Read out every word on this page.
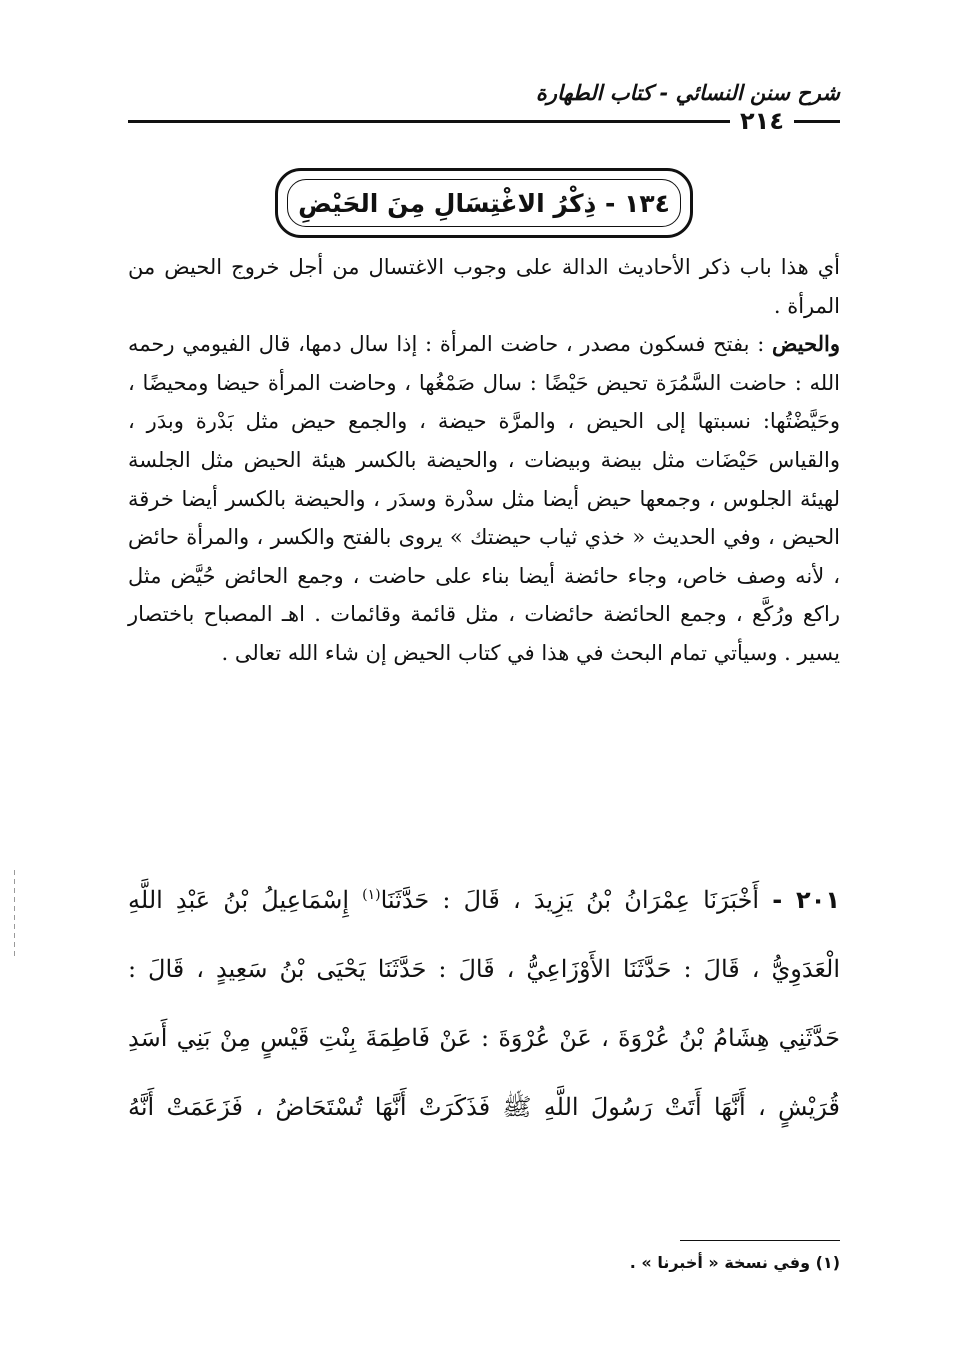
شرح سنن النسائي - كتاب الطهارة
٢١٤
١٣٤ - ذِكْرُ الاغْتِسَالِ مِنَ الحَيْضِ

أي هذا باب ذكر الأحاديث الدالة على وجوب الاغتسال من أجل خروج الحيض من المرأة .

والحيض : بفتح فسكون مصدر ، حاضت المرأة : إذا سال دمها، قال الفيومي رحمه الله : حاضت السَّمُرَة تحيض حَيْضًا : سال صَمْغُها ، وحاضت المرأة حيضا ومحيضًا ، وحَيَّضْتُها: نسبتها إلى الحيض ، والمرَّة حيضة ، والجمع حيض مثل بَدْرة وبدَر ، والقياس حَيْضَات مثل بيضة وبيضات ، والحيضة بالكسر هيئة الحيض مثل الجلسة لهيئة الجلوس ، وجمعها حيض أيضا مثل سدْرة وسدَر ، والحيضة بالكسر أيضا خرقة الحيض ، وفي الحديث « خذي ثياب حيضتك » يروى بالفتح والكسر ، والمرأة حائض ، لأنه وصف خاص، وجاء حائضة أيضا بناء على حاضت ، وجمع الحائض حُيَّض مثل راكع ورُكَّع ، وجمع الحائضة حائضات ، مثل قائمة وقائمات . اهـ المصباح باختصار يسير . وسيأتي تمام البحث في هذا في كتاب الحيض إن شاء الله تعالى .

٢٠١ - أَخْبَرَنَا عِمْرَانُ بْنُ يَزِيدَ ، قَالَ : حَدَّثَنَا$^{(١)}$ إِسْمَاعِيلُ بْنُ عَبْدِ اللَّهِ الْعَدَوِيُّ ، قَالَ : حَدَّثَنَا الأَوْزَاعِيُّ ، قَالَ : حَدَّثَنَا يَحْيَى بْنُ سَعِيدٍ ، قَالَ : حَدَّثَنِي هِشَامُ بْنُ عُرْوَةَ ، عَنْ عُرْوَةَ : عَنْ فَاطِمَةَ بِنْتِ قَيْسٍ مِنْ بَنِي أَسَدِ قُرَيْشٍ ، أَنَّهَا أَتَتْ رَسُولَ اللَّهِ ﷺ فَذَكَرَتْ أَنَّهَا تُسْتَحَاضُ ، فَزَعَمَتْ أَنَّهُ
(١) وفي نسخة « أخبرنا » .
